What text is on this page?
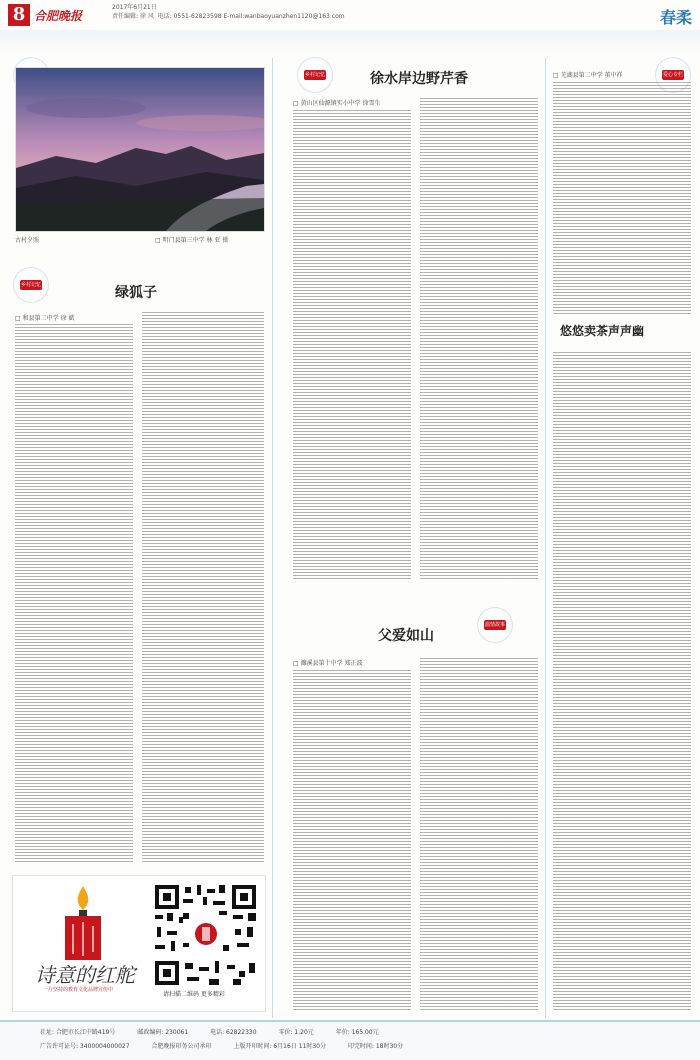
8 合肥晚报
2017年6月21日
责任编辑: 徐 风 电话: 0551-62823598 E-mail:wanbaoyuanzhen1120@163.com	春柔
古村夕照	□ 明门县第三中学 林 亚 摄
乡村记忆	绿狐子
□ 和县第二中学 徐 斌
乡村记忆	徐水岸边野芹香
□ 黄山区仙源镇实小中学 徐雪生
温情故事
父爱如山
□ 濉溪县第十中学 郑正波
□ 芜湖县第二中学 董中祥	爱心专栏
悠悠卖茶声声幽
诗意的红舵
一片坚持的教育文化品牌宣传中
请扫描二维码 更多精彩
社址: 合肥市长江中路419号	邮政编码: 230061	电话: 62822330	零价: 1.20元	年价: 165.00元
广告许可证号: 3400004000027	合肥晚报印务公司承印	上版开印时间: 6月16日 11时30分	印完时间: 18时30分
